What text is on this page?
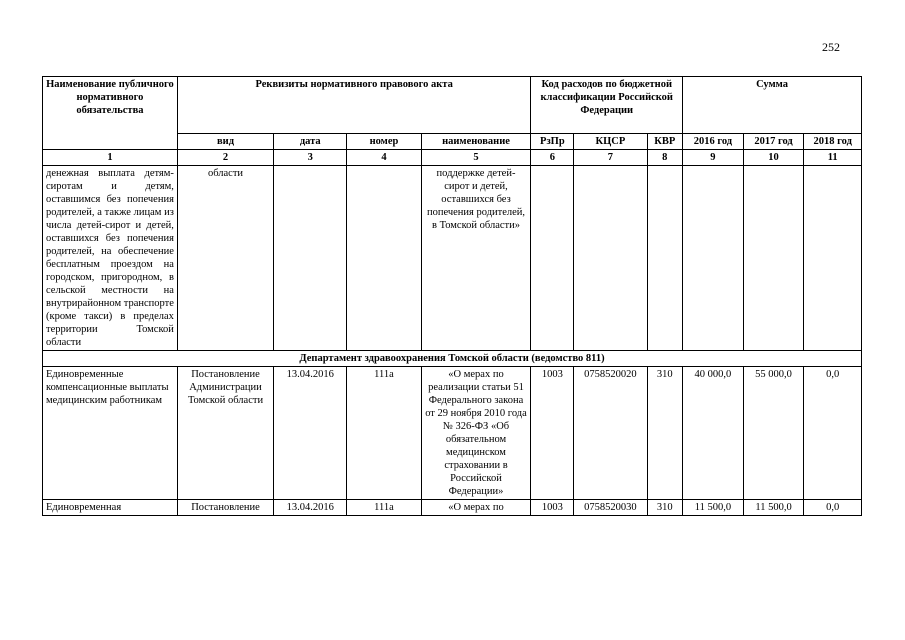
252
Наименование публичного нормативного обязательства	Реквизиты нормативного правового акта				Код расходов по бюджетной классификации Российской Федерации			Сумма		
	вид	дата	номер	наименование	РзПр	КЦСР	КВР	2016 год	2017 год	2018 год
1	2	3	4	5	6	7	8	9	10	11
денежная выплата детям-сиротам и детям, оставшимся без попечения родителей, а также лицам из числа детей-сирот и детей, оставшихся без попечения родителей, на обеспечение бесплатным проездом на городском, пригородном, в сельской местности на внутрирайонном транспорте (кроме такси) в пределах территории Томской области	области			поддержке детей-сирот и детей, оставшихся без попечения родителей, в Томской области»						
Департамент здравоохранения Томской области (ведомство 811)										
Единовременные компенсационные выплаты медицинским работникам	Постановление Администрации Томской области	13.04.2016	111а	«О мерах по реализации статьи 51 Федерального закона от 29 ноября 2010 года № 326-ФЗ «Об обязательном медицинском страховании в Российской Федерации»	1003	0758520020	310	40 000,0	55 000,0	0,0
Единовременная	Постановление	13.04.2016	111а	«О мерах по	1003	0758520030	310	11 500,0	11 500,0	0,0
